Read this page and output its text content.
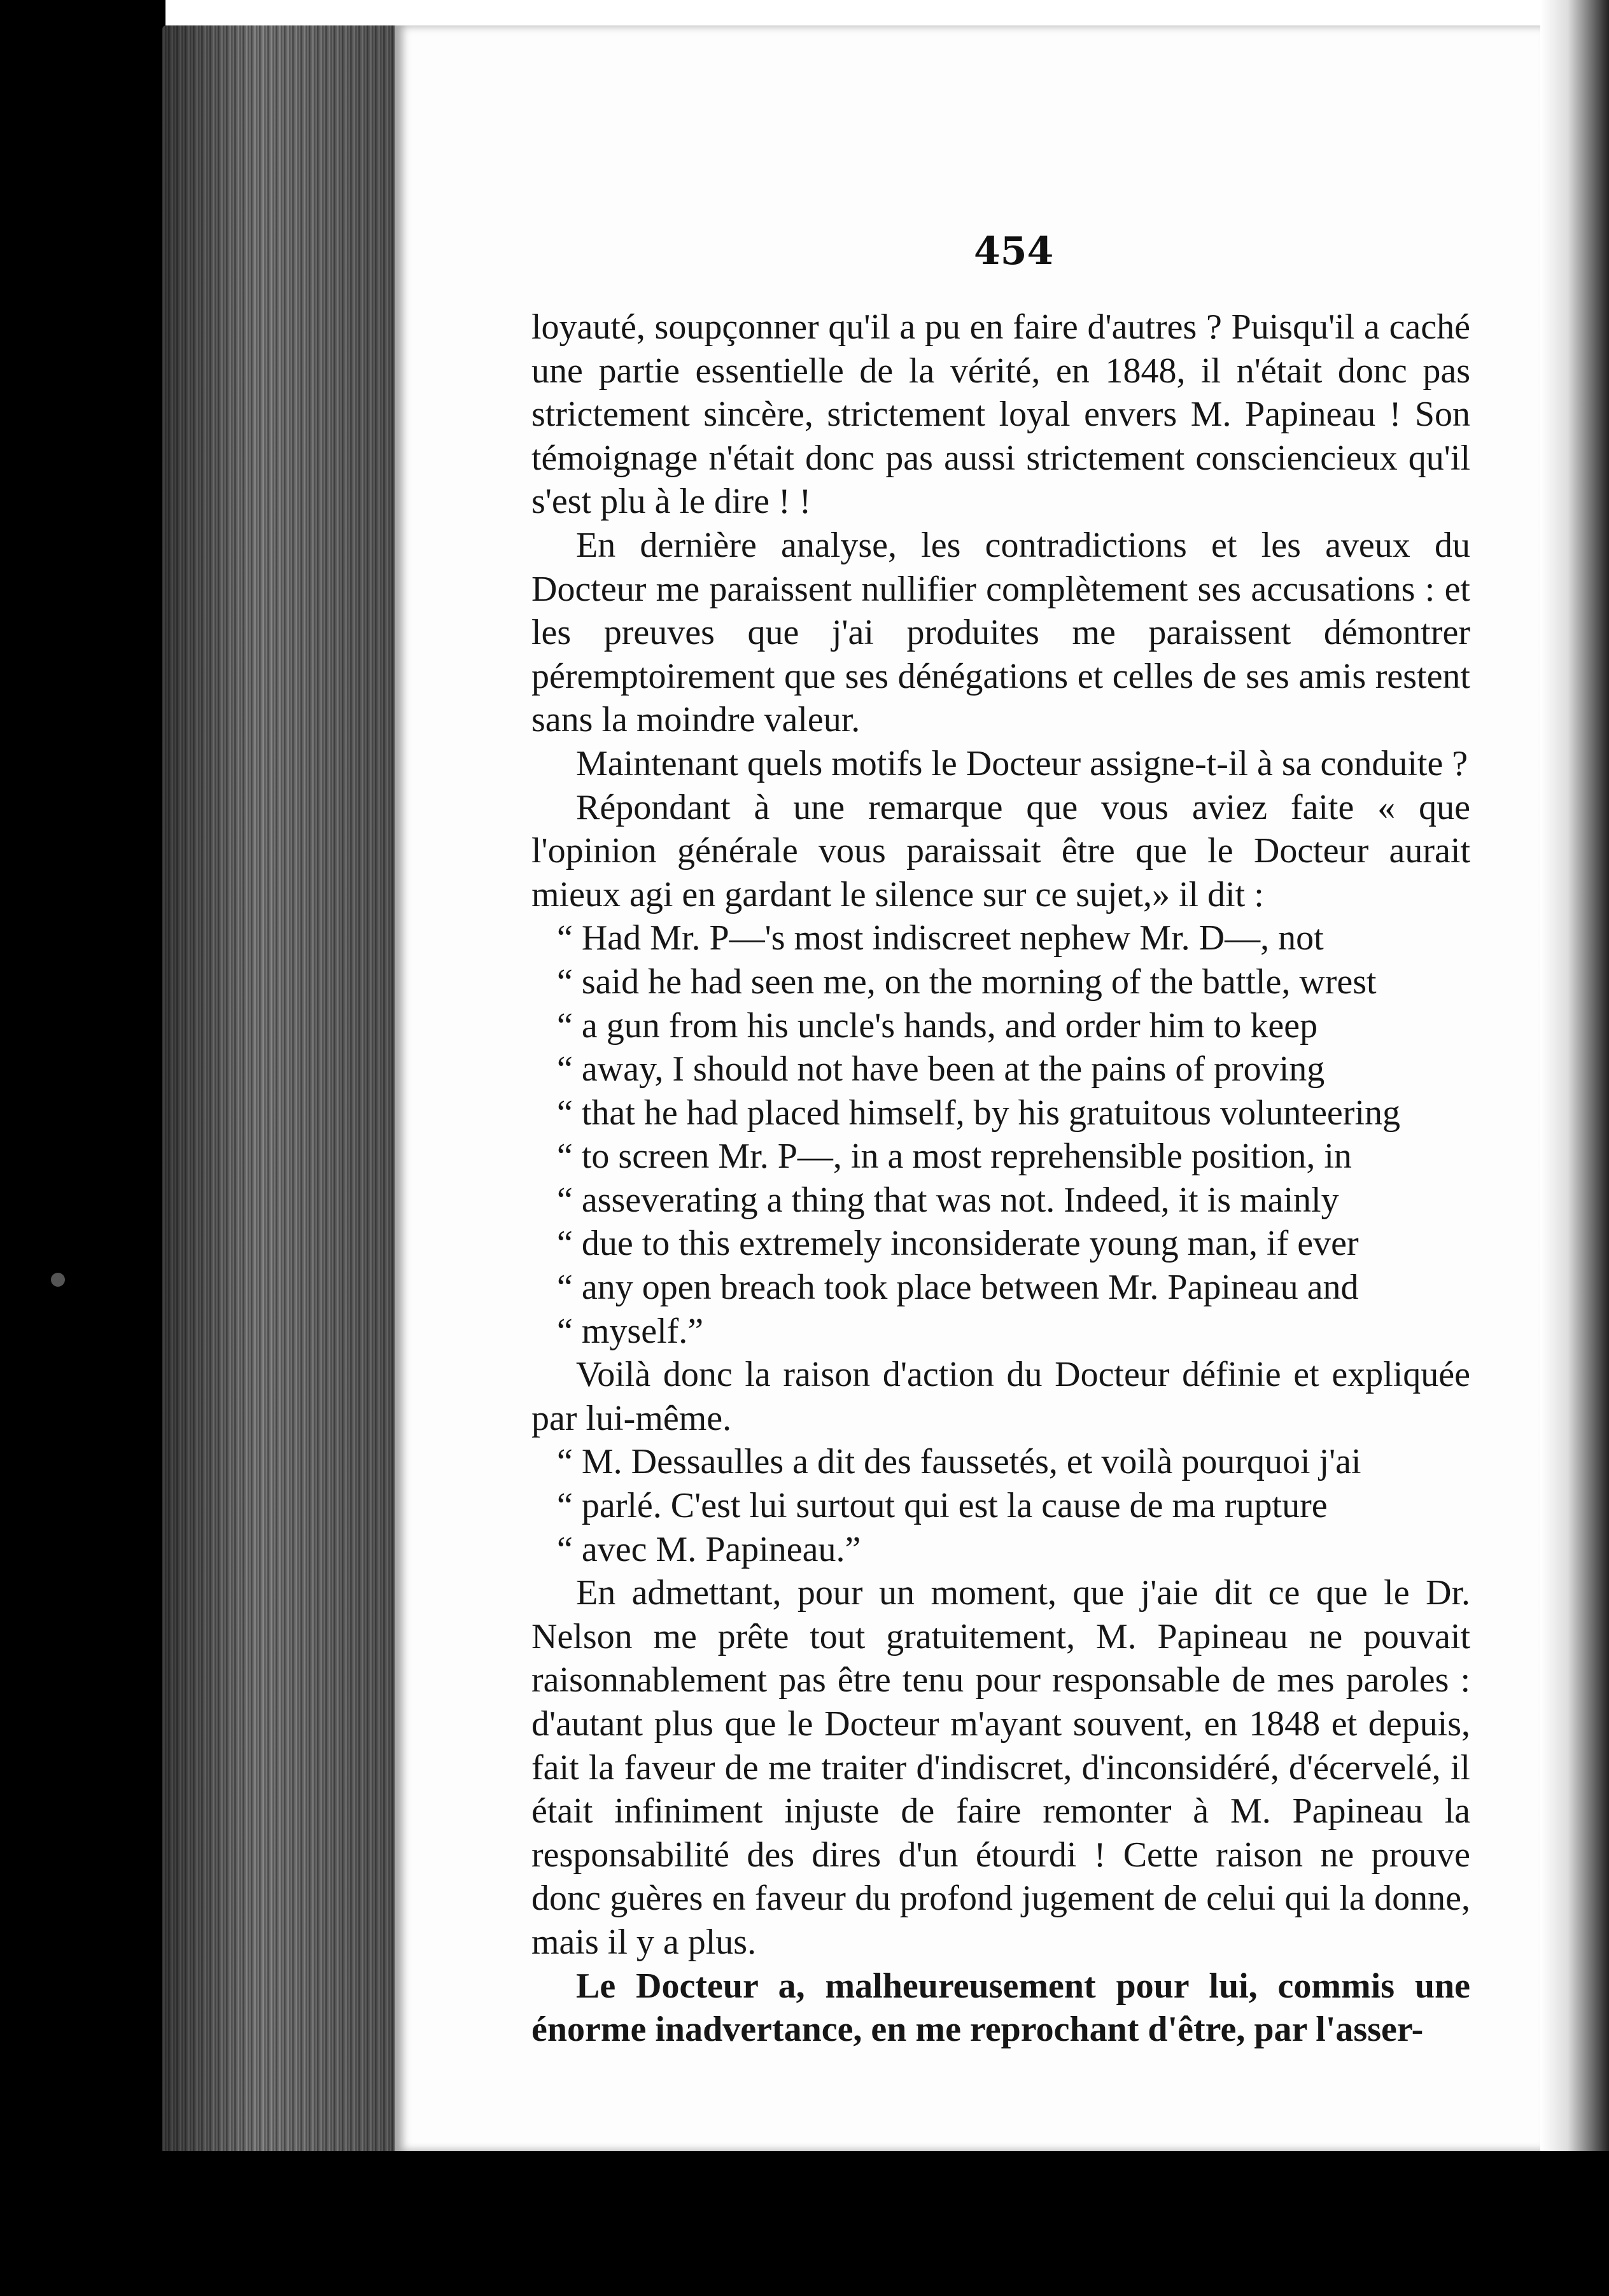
454

loyauté, soupçonner qu'il a pu en faire d'autres ? Puisqu'il a caché une partie essentielle de la vérité, en 1848, il n'était donc pas strictement sincère, strictement loyal envers M. Papineau ! Son témoignage n'était donc pas aussi strictement consciencieux qu'il s'est plu à le dire ! !

En dernière analyse, les contradictions et les aveux du Docteur me paraissent nullifier complètement ses accusations : et les preuves que j'ai produites me paraissent démontrer péremptoirement que ses dénégations et celles de ses amis restent sans la moindre valeur.

Maintenant quels motifs le Docteur assigne-t-il à sa conduite ?

Répondant à une remarque que vous aviez faite « que l'opinion générale vous paraissait être que le Docteur aurait mieux agi en gardant le silence sur ce sujet,» il dit :

“ Had Mr. P—'s most indiscreet nephew Mr. D—, not
“ said he had seen me, on the morning of the battle, wrest
“ a gun from his uncle's hands, and order him to keep
“ away, I should not have been at the pains of proving
“ that he had placed himself, by his gratuitous volunteering
“ to screen Mr. P—, in a most reprehensible position, in
“ asseverating a thing that was not. Indeed, it is mainly
“ due to this extremely inconsiderate young man, if ever
“ any open breach took place between Mr. Papineau and
“ myself.”

Voilà donc la raison d'action du Docteur définie et expliquée par lui-même.

“ M. Dessaulles a dit des faussetés, et voilà pourquoi j'ai
“ parlé. C'est lui surtout qui est la cause de ma rupture
“ avec M. Papineau.”

En admettant, pour un moment, que j'aie dit ce que le Dr. Nelson me prête tout gratuitement, M. Papineau ne pouvait raisonnablement pas être tenu pour responsable de mes paroles : d'autant plus que le Docteur m'ayant souvent, en 1848 et depuis, fait la faveur de me traiter d'indiscret, d'inconsidéré, d'écervelé, il était infiniment injuste de faire remonter à M. Papineau la responsabilité des dires d'un étourdi ! Cette raison ne prouve donc guères en faveur du profond jugement de celui qui la donne, mais il y a plus.

Le Docteur a, malheureusement pour lui, commis une énorme inadvertance, en me reprochant d'être, par l'asser-
